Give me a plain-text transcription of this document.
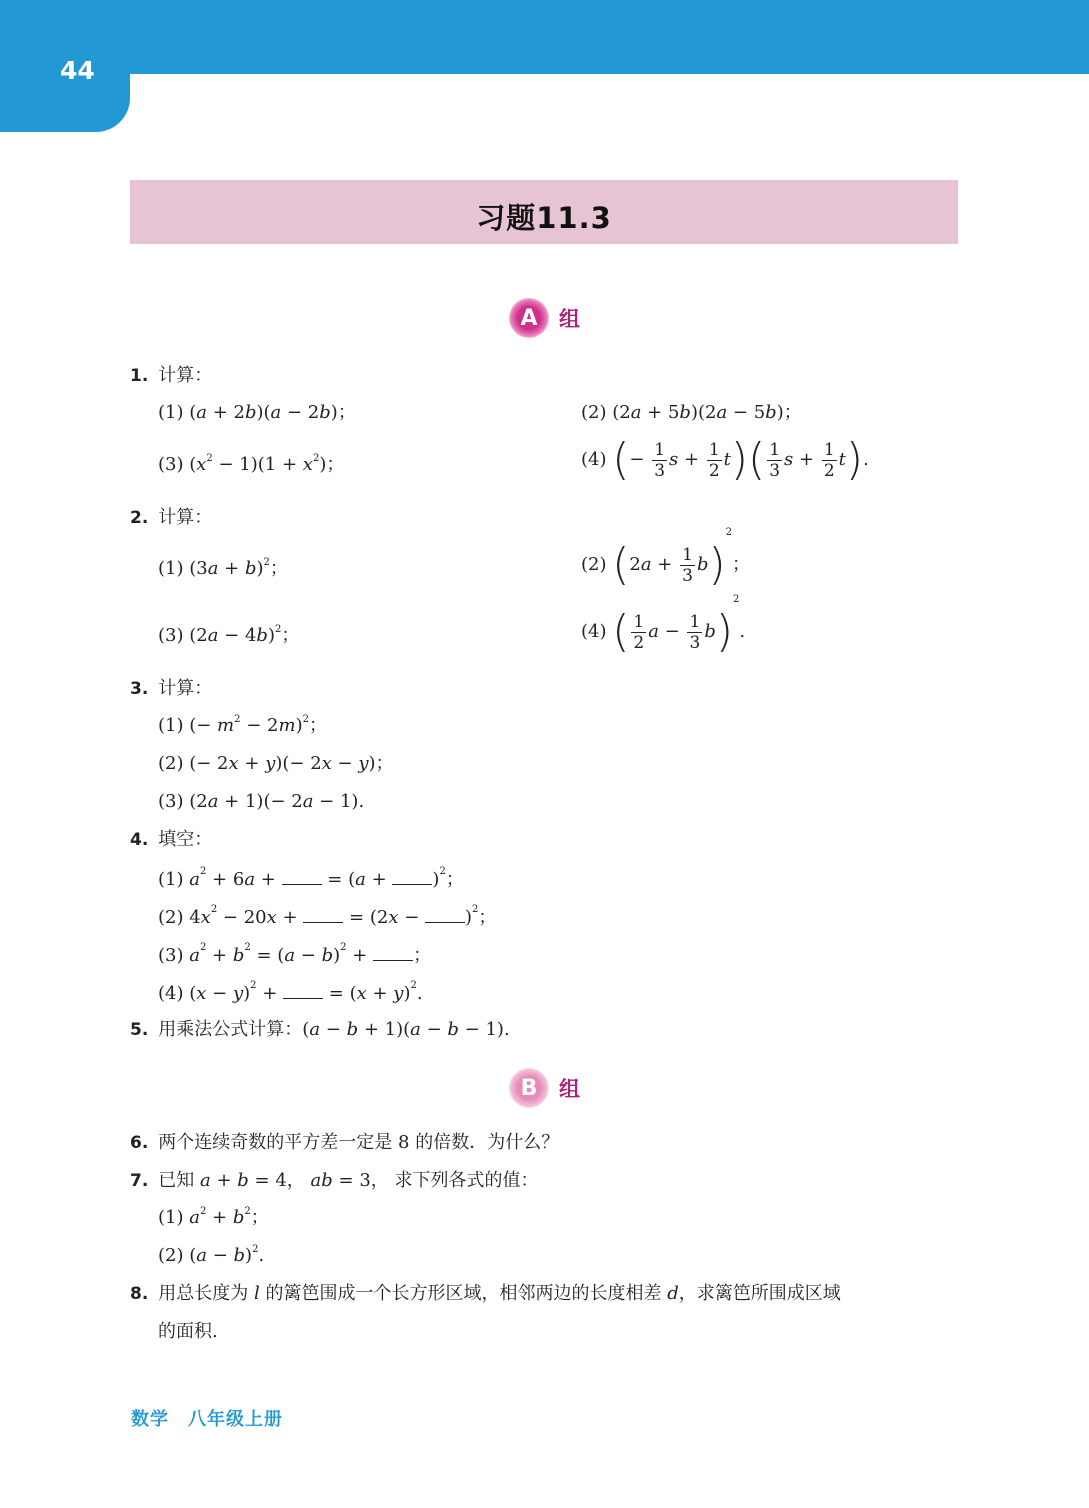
44
习题11.3
A	组
1. 计算：
(1) (a + 2b)(a − 2b)；	(2) (2a + 5b)(2a − 5b)；
(3) $(x^2 - 1)(1 + x^2)$；	(4) (− $\frac{1}{3}$ $s + \frac{1}{2} t)( \frac{1}{3}$ $s + \frac{1}{2} t$).
2. 计算：
(1) $(3a + b)^2$；	(2) $(2a + \frac{1}{3} b)^2$；
(3) $(2a - 4b)^2$；	(4) ( $\frac{1}{2}$ $a - \frac{1}{3} b)^2$.
3. 计算：
(1) (− $m^2 - 2m)^2$；
(2) (− 2x + y)(− 2x − y)；
(3) (2a + 1)(− 2a − 1).
4. 填空：
(1) $a^2 + 6a$ +  = $(a + )^2$；
(2) $4x^2 - 20x$ +  = $(2x - )^2$；
(3) $a^2 + b^2 = (a - b)^2$ + ；
(4) $(x - y)^2$ +  = $(x + y)^2$.
5. 用乘法公式计算：(a − b + 1)(a − b − 1).
B	组
6. 两个连续奇数的平方差一定是 8 的倍数．为什么？
7. 已知 a + b = 4， ab = 3， 求下列各式的值：
(1) $a^2 + b^2$；
(2) $(a - b)^2$.
8. 用总长度为 l 的篱笆围成一个长方形区域，相邻两边的长度相差 d，求篱笆所围成区域
的面积.
数学　八年级上册
